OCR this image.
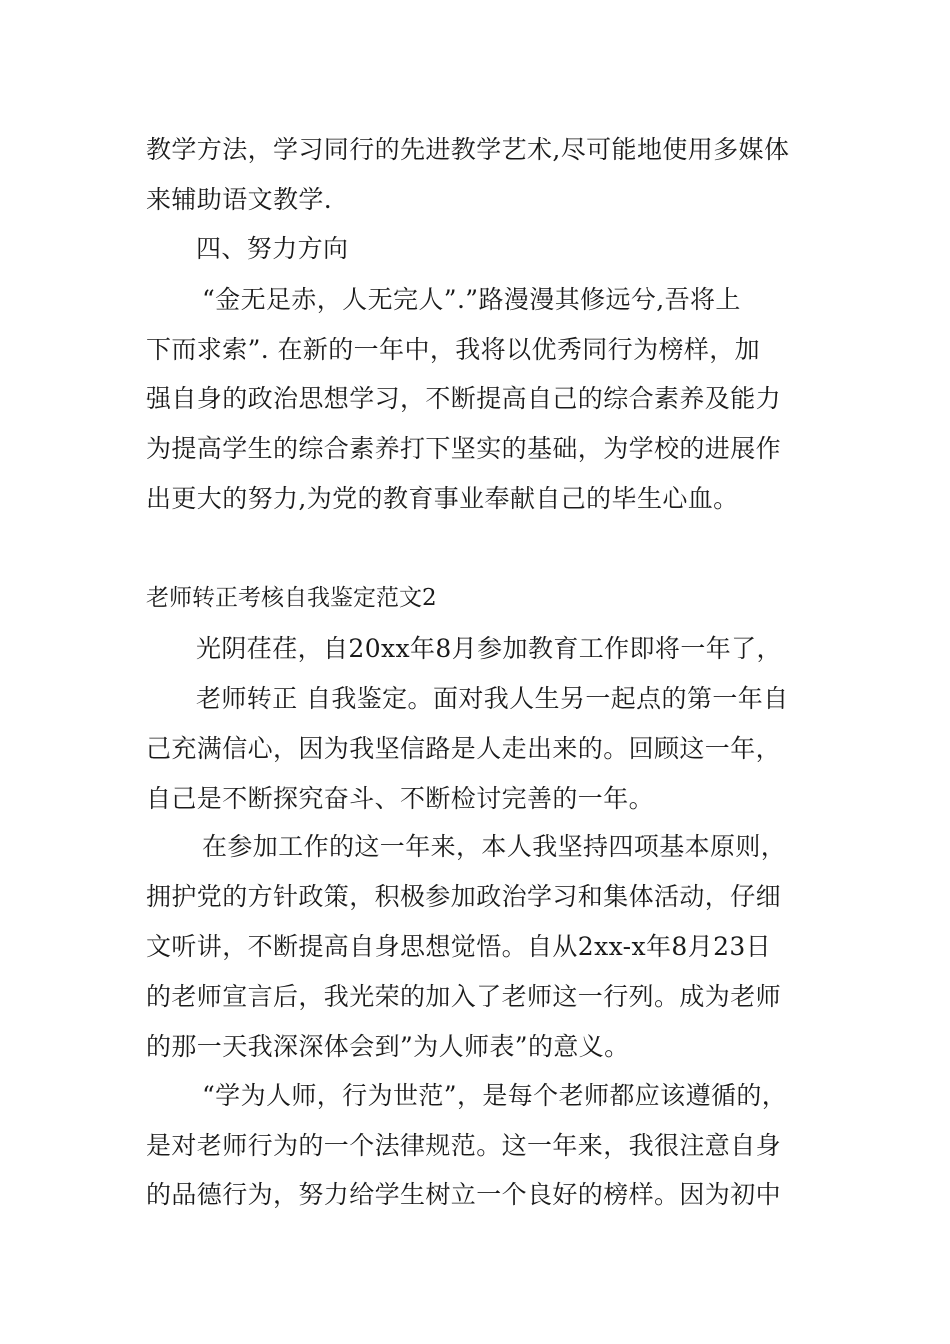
教学方法，学习同行的先进教学艺术,尽可能地使用多媒体
来辅助语文教学.
四、努力方向
“金无足赤，人无完人”.”路漫漫其修远兮,吾将上
下而求索”. 在新的一年中，我将以优秀同行为榜样，加
强自身的政治思想学习，不断提高自己的综合素养及能力
为提高学生的综合素养打下坚实的基础，为学校的进展作
出更大的努力,为党的教育事业奉献自己的毕生心血。
老师转正考核自我鉴定范文2
光阴荏荏，自20xx年8月参加教育工作即将一年了，
老师转正 自我鉴定。面对我人生另一起点的第一年自
己充满信心，因为我坚信路是人走出来的。回顾这一年，
自己是不断探究奋斗、不断检讨完善的一年。
在参加工作的这一年来，本人我坚持四项基本原则，
拥护党的方针政策，积极参加政治学习和集体活动，仔细
文听讲，不断提高自身思想觉悟。自从2xx-x年8月23日
的老师宣言后，我光荣的加入了老师这一行列。成为老师
的那一天我深深体会到”为人师表”的意义。
“学为人师，行为世范”，是每个老师都应该遵循的，
是对老师行为的一个法律规范。这一年来，我很注意自身
的品德行为，努力给学生树立一个良好的榜样。因为初中
